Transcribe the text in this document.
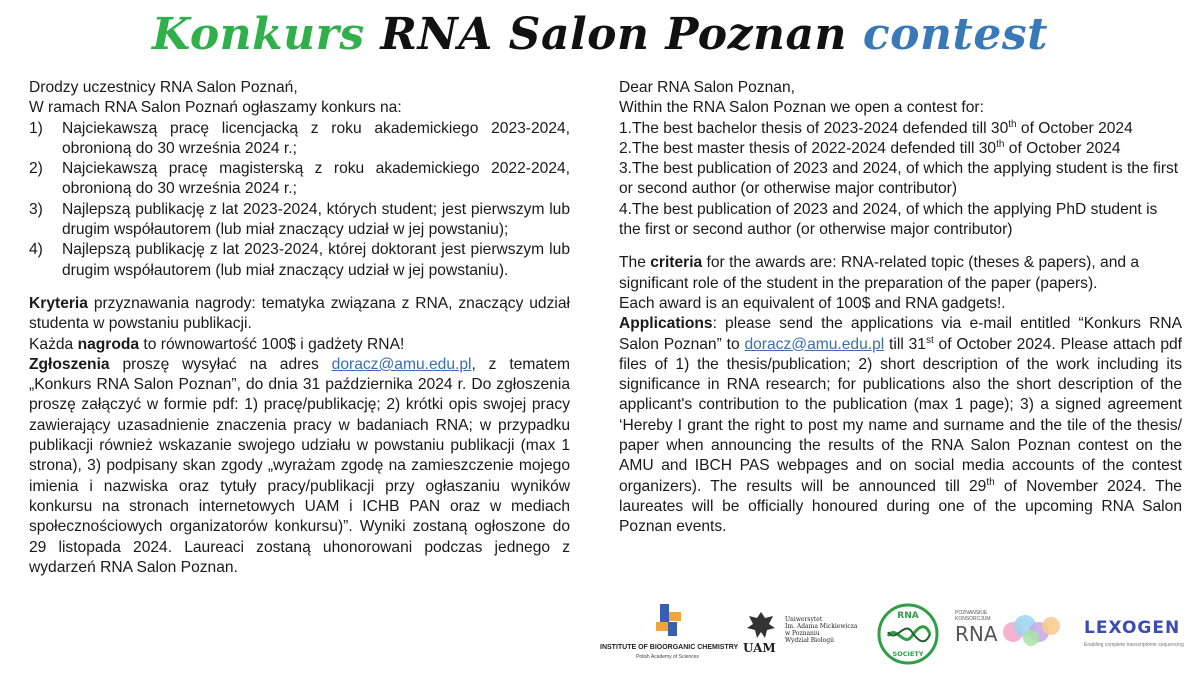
Konkurs RNA Salon Poznan contest

Drodzy uczestnicy RNA Salon Poznań,

W ramach RNA Salon Poznań ogłaszamy konkurs na:

1)	Najciekawszą pracę licencjacką z roku akademickiego 2023-2024, obronioną do 30 września 2024 r.;
2)	Najciekawszą pracę magisterską z roku akademickiego 2022-2024, obronioną do 30 września 2024 r.;
3)	Najlepszą publikację z lat 2023-2024, których student; jest pierwszym lub drugim współautorem (lub miał znaczący udział w jej powstaniu);
4)	Najlepszą publikację z lat 2023-2024, której doktorant jest pierwszym lub drugim współautorem (lub miał znaczący udział w jej powstaniu).

Kryteria przyznawania nagrody: tematyka związana z RNA, znaczący udział studenta w powstaniu publikacji.

Każda nagroda to równowartość 100$ i gadżety RNA!

Zgłoszenia proszę wysyłać na adres doracz@amu.edu.pl, z tematem „Konkurs RNA Salon Poznan”, do dnia 31 października 2024 r. Do zgłoszenia proszę załączyć w formie pdf: 1) pracę/publikację; 2) krótki opis swojej pracy zawierający uzasadnienie znaczenia pracy w badaniach RNA; w przypadku publikacji również wskazanie swojego udziału w powstaniu publikacji (max 1 strona), 3) podpisany skan zgody „wyrażam zgodę na zamieszczenie mojego imienia i nazwiska oraz tytuły pracy/publikacji przy ogłaszaniu wyników konkursu na stronach internetowych UAM i ICHB PAN oraz w mediach społecznościowych organizatorów konkursu)”. Wyniki zostaną ogłoszone do 29 listopada 2024. Laureaci zostaną uhonorowani podczas jednego z wydarzeń RNA Salon Poznan.

Dear RNA Salon Poznan,

Within the RNA Salon Poznan we open a contest for:

1.The best bachelor thesis of 2023-2024 defended till 30th of October 2024

2.The best master thesis of 2022-2024 defended till 30th of October 2024

3.The best publication of 2023 and 2024, of which the applying student is the first or second author (or otherwise major contributor)

4.The best publication of 2023 and 2024, of which the applying PhD student is the first or second author (or otherwise major contributor)

The criteria for the awards are: RNA-related topic (theses & papers), and a significant role of the student in the preparation of the paper (papers).

Each award is an equivalent of 100$ and RNA gadgets!.

Applications: please send the applications via e-mail entitled “Konkurs RNA Salon Poznan” to doracz@amu.edu.pl till 31st of October 2024. Please attach pdf files of 1) the thesis/publication; 2) short description of the work including its significance in RNA research; for publications also the short description of the applicant's contribution to the publication (max 1 page); 3) a signed agreement ‘Hereby I grant the right to post my name and surname and the tile of the thesis/ paper when announcing the results of the RNA Salon Poznan contest on the AMU and IBCH PAS webpages and on social media accounts of the contest organizers). The results will be announced till 29th of November 2024. The laureates will be officially honoured during one of the upcoming RNA Salon Poznan events.

INSTITUTE OF BIOORGANIC CHEMISTRY
Polish Academy of Sciences
UAM
Uniwersytet
Im. Adama Mickiewicza
w Poznaniu
Wydział Biologii
RNA
SOCIETY
POZNAŃSKIE
KONSORCJUM
RNA	LEXOGEN
Enabling complete transcriptome sequencing
